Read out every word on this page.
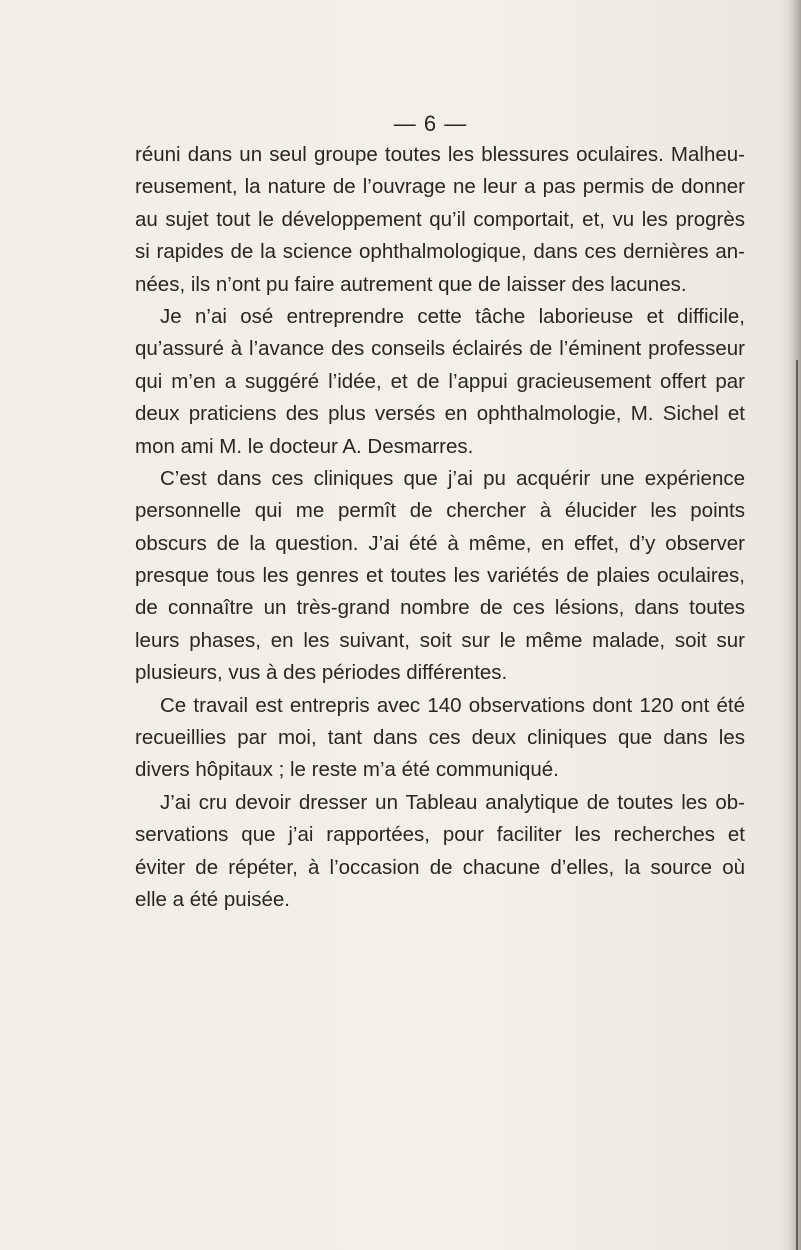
— 6 —
réuni dans un seul groupe toutes les blessures oculaires. Malheu-
reusement, la nature de l’ouvrage ne leur a pas permis de donner
au sujet tout le développement qu’il comportait, et, vu les progrès
si rapides de la science ophthalmologique, dans ces dernières an-
nées, ils n’ont pu faire autrement que de laisser des lacunes.
Je n’ai osé entreprendre cette tâche laborieuse et difficile,
qu’assuré à l’avance des conseils éclairés de l’éminent professeur
qui m’en a suggéré l’idée, et de l’appui gracieusement offert par
deux praticiens des plus versés en ophthalmologie, M. Sichel et
mon ami M. le docteur A. Desmarres.
C’est dans ces cliniques que j’ai pu acquérir une expérience
personnelle qui me permît de chercher à élucider les points
obscurs de la question. J’ai été à même, en effet, d’y observer
presque tous les genres et toutes les variétés de plaies oculaires,
de connaître un très-grand nombre de ces lésions, dans toutes
leurs phases, en les suivant, soit sur le même malade, soit sur
plusieurs, vus à des périodes différentes.
Ce travail est entrepris avec 140 observations dont 120 ont été
recueillies par moi, tant dans ces deux cliniques que dans les
divers hôpitaux ; le reste m’a été communiqué.
J’ai cru devoir dresser un Tableau analytique de toutes les ob-
servations que j’ai rapportées, pour faciliter les recherches et
éviter de répéter, à l’occasion de chacune d’elles, la source où
elle a été puisée.
